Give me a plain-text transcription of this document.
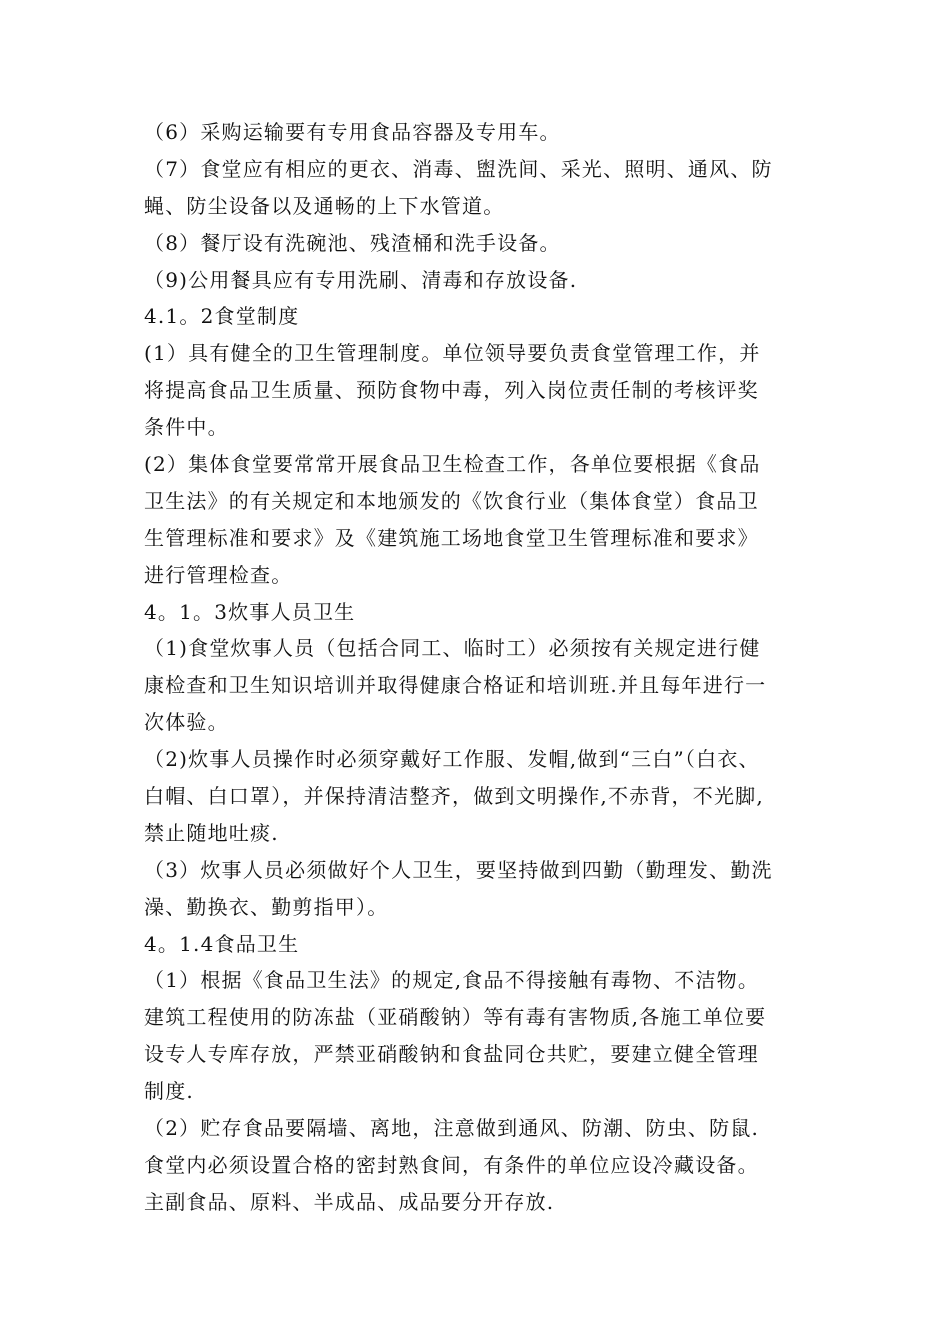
（6）采购运输要有专用食品容器及专用车。
（7）食堂应有相应的更衣、消毒、盥洗间、采光、照明、通风、防
蝇、防尘设备以及通畅的上下水管道。
（8）餐厅设有洗碗池、残渣桶和洗手设备。
（9)公用餐具应有专用洗刷、清毒和存放设备.
4.1。2食堂制度
(1）具有健全的卫生管理制度。单位领导要负责食堂管理工作，并
将提高食品卫生质量、预防食物中毒，列入岗位责任制的考核评奖
条件中。
(2）集体食堂要常常开展食品卫生检查工作，各单位要根据《食品
卫生法》的有关规定和本地颁发的《饮食行业（集体食堂）食品卫
生管理标准和要求》及《建筑施工场地食堂卫生管理标准和要求》
进行管理检查。
4。1。3炊事人员卫生
（1)食堂炊事人员（包括合同工、临时工）必须按有关规定进行健
康检查和卫生知识培训并取得健康合格证和培训班.并且每年进行一
次体验。
（2)炊事人员操作时必须穿戴好工作服、发帽,做到“三白”（白衣、
白帽、白口罩），并保持清洁整齐，做到文明操作,不赤背，不光脚,
禁止随地吐痰.
（3）炊事人员必须做好个人卫生，要坚持做到四勤（勤理发、勤洗
澡、勤换衣、勤剪指甲）。
4。1.4食品卫生
（1）根据《食品卫生法》的规定,食品不得接触有毒物、不洁物。
建筑工程使用的防冻盐（亚硝酸钠）等有毒有害物质,各施工单位要
设专人专库存放，严禁亚硝酸钠和食盐同仓共贮，要建立健全管理
制度.
（2）贮存食品要隔墙、离地，注意做到通风、防潮、防虫、防鼠.
食堂内必须设置合格的密封熟食间，有条件的单位应设冷藏设备。
主副食品、原料、半成品、成品要分开存放.
